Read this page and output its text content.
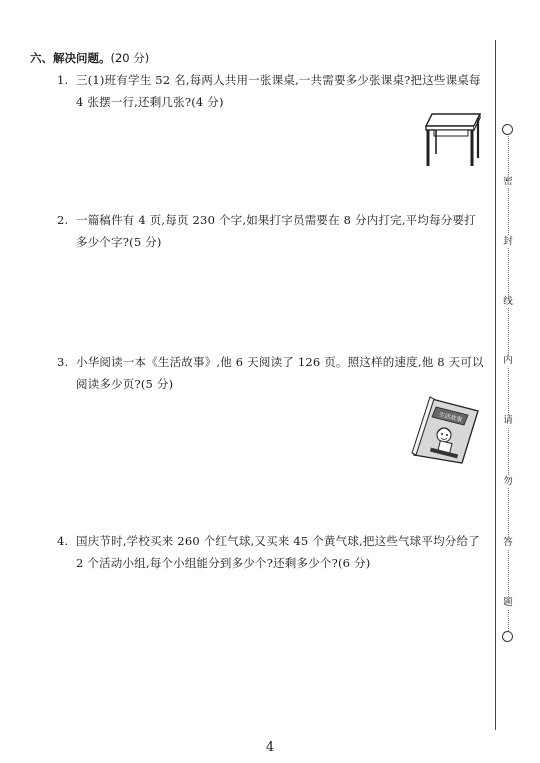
六、解决问题。(20 分)
1. 三(1)班有学生 52 名,每两人共用一张课桌,一共需要多少张课桌?把这些课桌每 4 张摆一行,还剩几张?(4 分)
2. 一篇稿件有 4 页,每页 230 个字,如果打字员需要在 8 分内打完,平均每分要打多少个字?(5 分)
3. 小华阅读一本《生活故事》,他 6 天阅读了 126 页。照这样的速度,他 8 天可以阅读多少页?(5 分)
生活故事
4. 国庆节时,学校买来 260 个红气球,又买来 45 个黄气球,把这些气球平均分给了 2 个活动小组,每个小组能分到多少个?还剩多少个?(6 分)
密
封
线
内
请
勿
答
题
4
